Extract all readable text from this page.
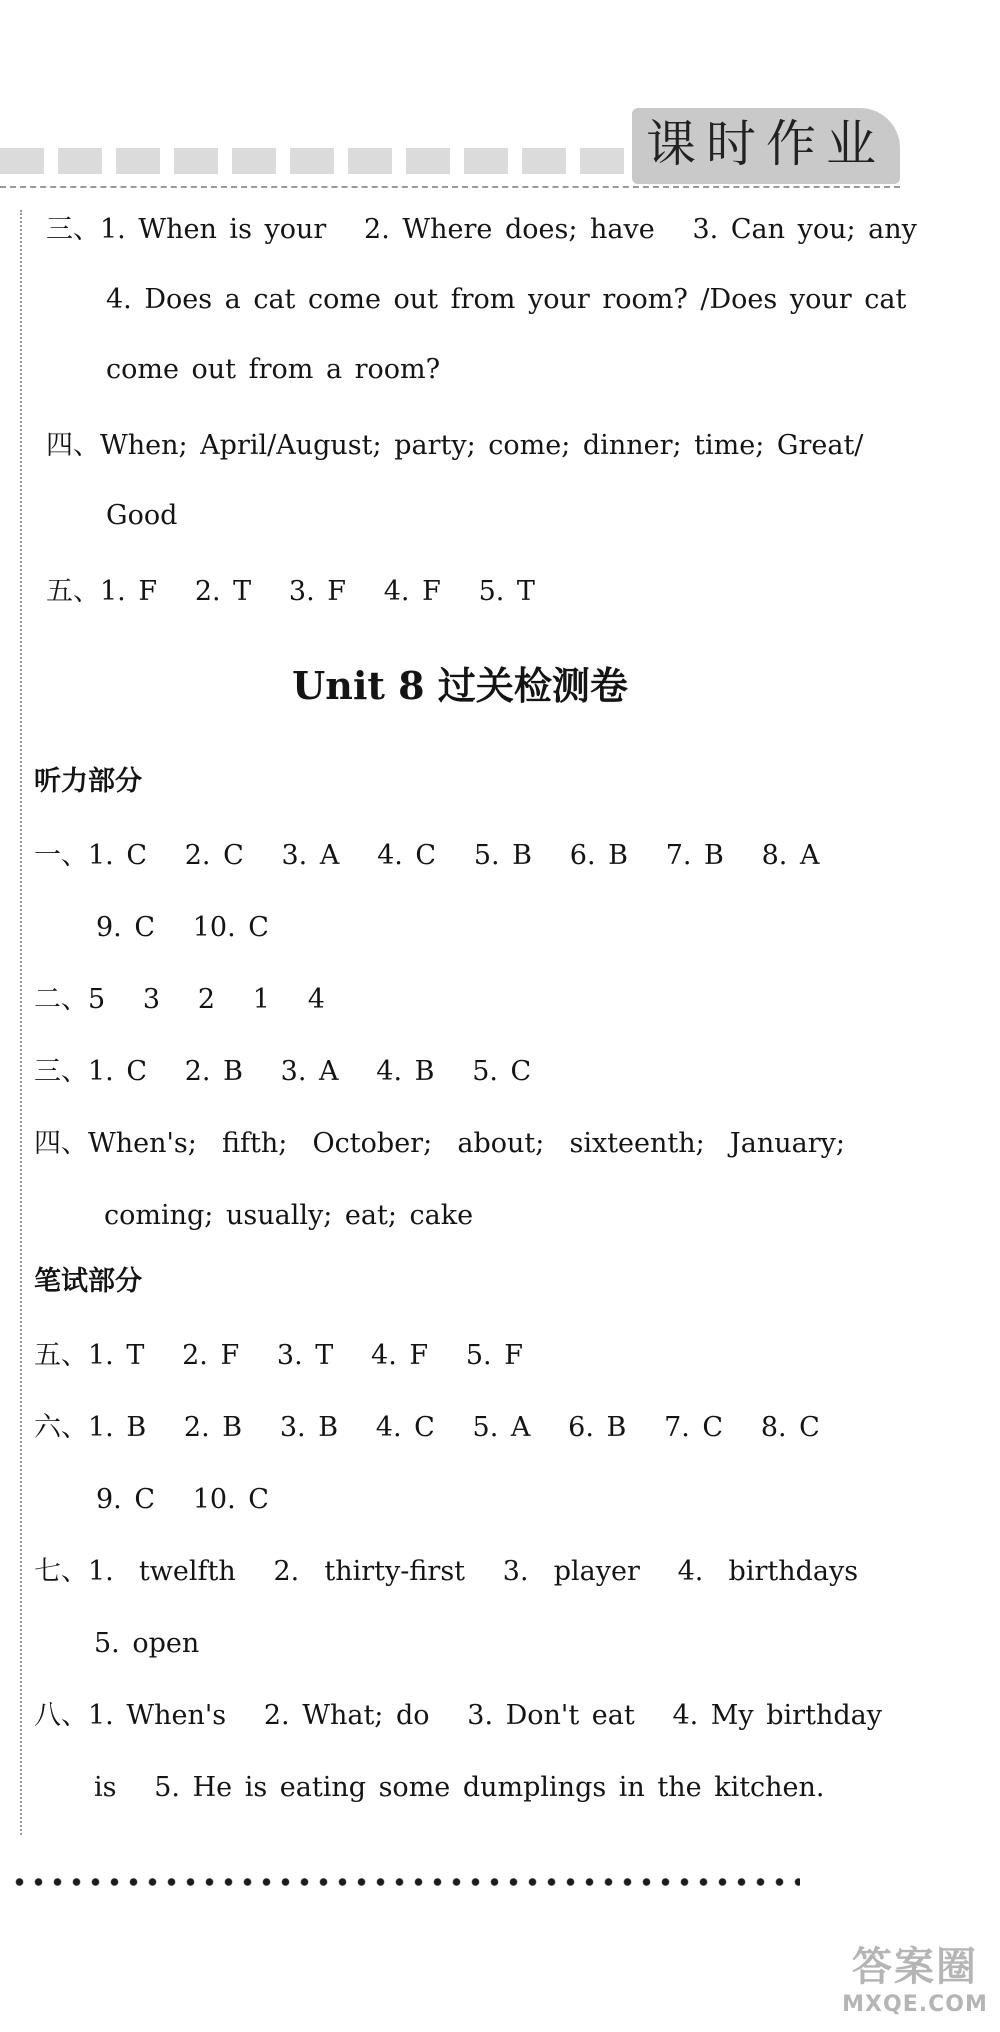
课时作业
三、1. When is your   2. Where does; have   3. Can you; any
4. Does a cat come out from your room? /Does your cat
come out from a room?
四、When; April/August; party; come; dinner; time; Great/
Good
五、1. F   2. T   3. F   4. F   5. T
Unit 8 过关检测卷
听力部分
一、1. C   2. C   3. A   4. C   5. B   6. B   7. B   8. A
9. C   10. C
二、5   3   2   1   4
三、1. C   2. B   3. A   4. B   5. C
四、When's;  fifth;  October;  about;  sixteenth;  January;
coming; usually; eat; cake
笔试部分
五、1. T   2. F   3. T   4. F   5. F
六、1. B   2. B   3. B   4. C   5. A   6. B   7. C   8. C
9. C   10. C
七、1.  twelfth   2.  thirty-first   3.  player   4.  birthdays
5. open
八、1. When's   2. What; do   3. Don't eat   4. My birthday
is   5. He is eating some dumplings in the kitchen.
答案圈
MXQE.COM
